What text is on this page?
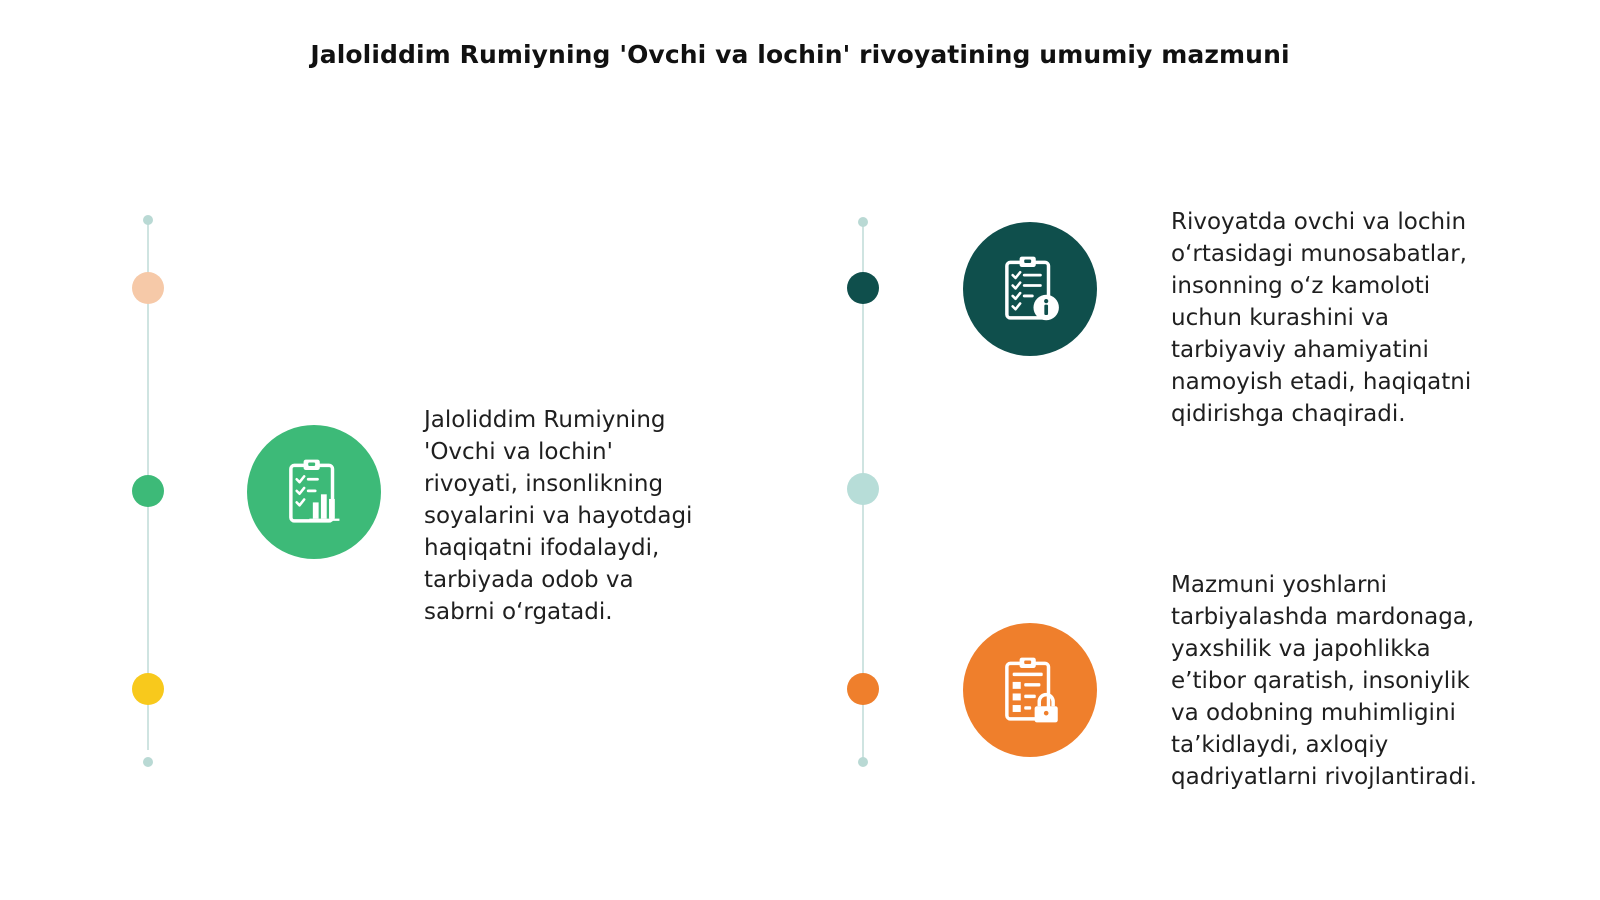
Jaloliddim Rumiyning 'Ovchi va lochin' rivoyatining umumiy mazmuni
Jaloliddim Rumiyning
'Ovchi va lochin'
rivoyati, insonlikning
soyalarini va hayotdagi
haqiqatni ifodalaydi,
tarbiyada odob va
sabrni o‘rgatadi.
Rivoyatda ovchi va lochin
o‘rtasidagi munosabatlar,
insonning o‘z kamoloti
uchun kurashini va
tarbiyaviy ahamiyatini
namoyish etadi, haqiqatni
qidirishga chaqiradi.
Mazmuni yoshlarni
tarbiyalashda mardonaga,
yaxshilik va japohlikka
e’tibor qaratish, insoniylik
va odobning muhimligini
ta’kidlaydi, axloqiy
qadriyatlarni rivojlantiradi.
